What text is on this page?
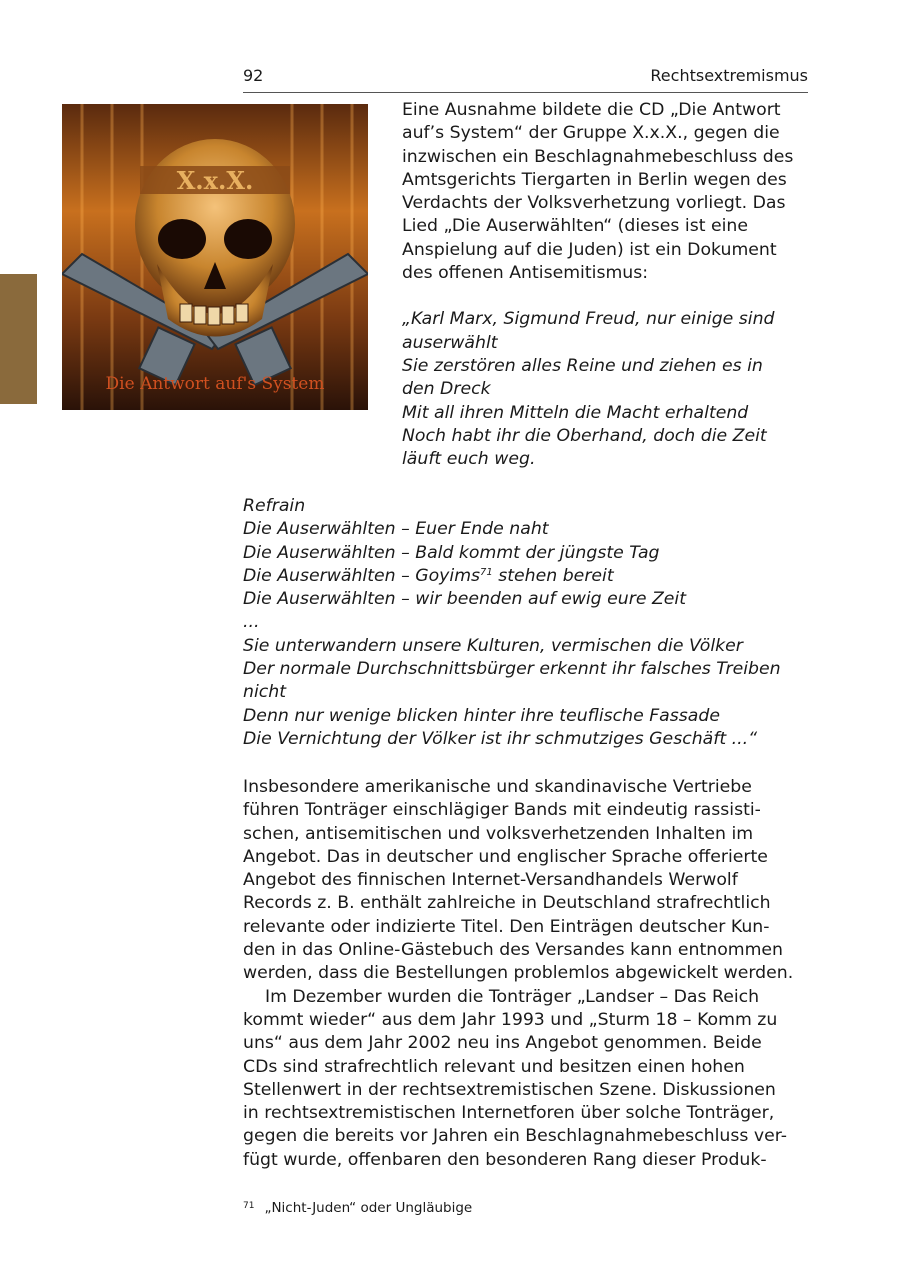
92	Rechtsextremismus
X.x.X.
Die Antwort auf's System
Eine Ausnahme bildete die CD „Die Antwort
auf’s System“ der Gruppe X.x.X., gegen die
inzwischen ein Beschlagnahmebeschluss des
Amtsgerichts Tiergarten in Berlin wegen des
Verdachts der Volksverhetzung vorliegt. Das
Lied „Die Auserwählten“ (dieses ist eine
Anspielung auf die Juden) ist ein Dokument
des offenen Antisemitismus:
„Karl Marx, Sigmund Freud, nur einige sind
auserwählt
Sie zerstören alles Reine und ziehen es in
den Dreck
Mit all ihren Mitteln die Macht erhaltend
Noch habt ihr die Oberhand, doch die Zeit
läuft euch weg.
Refrain
Die Auserwählten – Euer Ende naht
Die Auserwählten – Bald kommt der jüngste Tag
Die Auserwählten – Goyims$^{71}$ stehen bereit
Die Auserwählten – wir beenden auf ewig eure Zeit
...
Sie unterwandern unsere Kulturen, vermischen die Völker
Der normale Durchschnittsbürger erkennt ihr falsches Treiben
nicht
Denn nur wenige blicken hinter ihre teuflische Fassade
Die Vernichtung der Völker ist ihr schmutziges Geschäft ...“
Insbesondere amerikanische und skandinavische Vertriebe
führen Tonträger einschlägiger Bands mit eindeutig rassisti-
schen, antisemitischen und volksverhetzenden Inhalten im
Angebot. Das in deutscher und englischer Sprache offerierte
Angebot des finnischen Internet-Versandhandels Werwolf
Records z. B. enthält zahlreiche in Deutschland strafrechtlich
relevante oder indizierte Titel. Den Einträgen deutscher Kun-
den in das Online-Gästebuch des Versandes kann entnommen
werden, dass die Bestellungen problemlos abgewickelt werden.
Im Dezember wurden die Tonträger „Landser – Das Reich
kommt wieder“ aus dem Jahr 1993 und „Sturm 18 – Komm zu
uns“ aus dem Jahr 2002 neu ins Angebot genommen. Beide
CDs sind strafrechtlich relevant und besitzen einen hohen
Stellenwert in der rechtsextremistischen Szene. Diskussionen
in rechtsextremistischen Internetforen über solche Tonträger,
gegen die bereits vor Jahren ein Beschlagnahmebeschluss ver-
fügt wurde, offenbaren den besonderen Rang dieser Produk-
$^{71}$ „Nicht-Juden“ oder Ungläubige
